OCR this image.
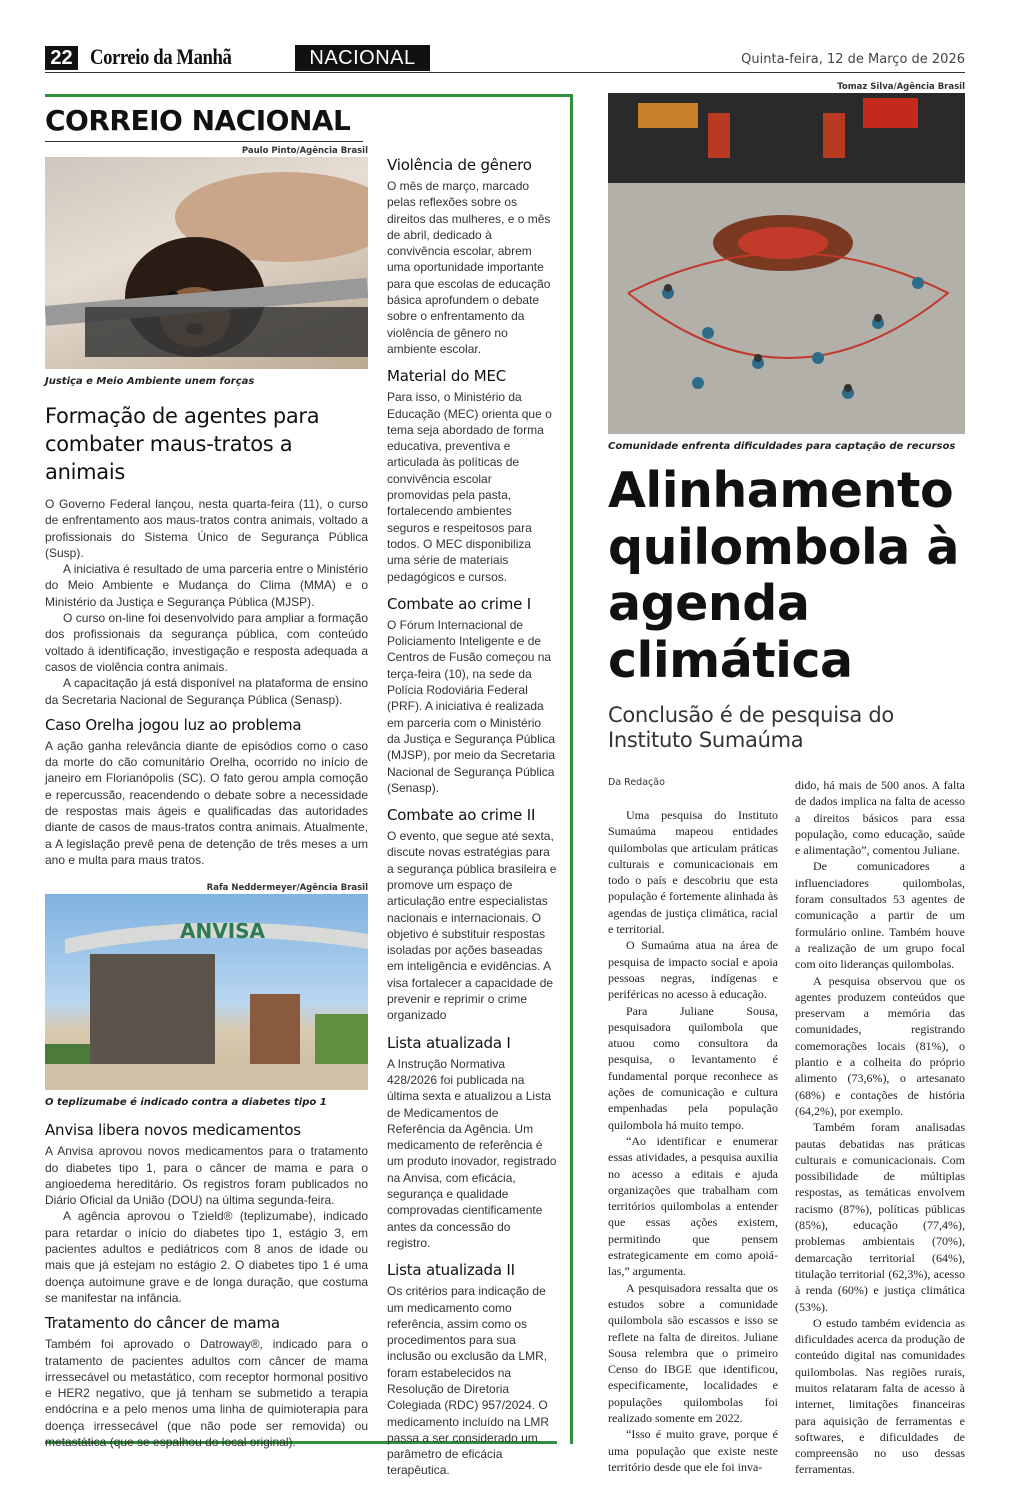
22 Correio da Manhã	NACIONAL	Quinta-feira, 12 de Março de 2026
CORREIO NACIONAL
Paulo Pinto/Agência Brasil
Justiça e Meio Ambiente unem forças
Formação de agentes para combater maus-tratos a animais

O Governo Federal lançou, nesta quarta-feira (11), o curso de enfrentamento aos maus-tratos contra animais, voltado a profissionais do Sistema Único de Segurança Pública (Susp).

A iniciativa é resultado de uma parceria entre o Ministério do Meio Ambiente e Mudança do Clima (MMA) e o Ministério da Justiça e Segurança Pública (MJSP).

O curso on-line foi desenvolvido para ampliar a formação dos profissionais da segurança pública, com conteúdo voltado à identificação, investigação e resposta adequada a casos de violência contra animais.

A capacitação já está disponível na plataforma de ensino da Secretaria Nacional de Segurança Pública (Senasp).

Caso Orelha jogou luz ao problema

A ação ganha relevância diante de episódios como o caso da morte do cão comunitário Orelha, ocorrido no início de janeiro em Florianópolis (SC). O fato gerou ampla comoção e repercussão, reacendendo o debate sobre a necessidade de respostas mais ágeis e qualificadas das autoridades diante de casos de maus-tratos contra animais. Atualmente, a A legislação prevê pena de detenção de três meses a um ano e multa para maus tratos.

Rafa Neddermeyer/Agência Brasil
ANVISA
O teplizumabe é indicado contra a diabetes tipo 1
Anvisa libera novos medicamentos

A Anvisa aprovou novos medicamentos para o tratamento do diabetes tipo 1, para o câncer de mama e para o angioedema hereditário. Os registros foram publicados no Diário Oficial da União (DOU) na última segunda-feira.

A agência aprovou o Tzield® (teplizumabe), indicado para retardar o início do diabetes tipo 1, estágio 3, em pacientes adultos e pediátricos com 8 anos de idade ou mais que já estejam no estágio 2. O diabetes tipo 1 é uma doença autoimune grave e de longa duração, que costuma se manifestar na infância.

Tratamento do câncer de mama

Também foi aprovado o Datroway®, indicado para o tratamento de pacientes adultos com câncer de mama irressecável ou metastático, com receptor hormonal positivo e HER2 negativo, que já tenham se submetido a terapia endócrina e a pelo menos uma linha de quimioterapia para doença irressecável (que não pode ser removida) ou metastática (que se espalhou do local original).

Violência de gênero

O mês de março, marcado pelas reflexões sobre os direitos das mulheres, e o mês de abril, dedicado à convivência escolar, abrem uma oportunidade importante para que escolas de educação básica aprofundem o debate sobre o enfrentamento da violência de gênero no ambiente escolar.

Material do MEC

Para isso, o Ministério da Educação (MEC) orienta que o tema seja abordado de forma educativa, preventiva e articulada às políticas de convivência escolar promovidas pela pasta, fortalecendo ambientes seguros e respeitosos para todos. O MEC disponibiliza uma série de materiais pedagógicos e cursos.

Combate ao crime I

O Fórum Internacional de Policiamento Inteligente e de Centros de Fusão começou na terça-feira (10), na sede da Polícia Rodoviária Federal (PRF). A iniciativa é realizada em parceria com o Ministério da Justiça e Segurança Pública (MJSP), por meio da Secretaria Nacional de Segurança Pública (Senasp).

Combate ao crime II

O evento, que segue até sexta, discute novas estratégias para a segurança pública brasileira e promove um espaço de articulação entre especialistas nacionais e internacionais. O objetivo é substituir respostas isoladas por ações baseadas em inteligência e evidências. A visa fortalecer a capacidade de prevenir e reprimir o crime organizado

Lista atualizada I

A Instrução Normativa 428/2026 foi publicada na última sexta e atualizou a Lista de Medicamentos de Referência da Agência. Um medicamento de referência é um produto inovador, registrado na Anvisa, com eficácia, segurança e qualidade comprovadas cientificamente antes da concessão do registro.

Lista atualizada II

Os critérios para indicação de um medicamento como referência, assim como os procedimentos para sua inclusão ou exclusão da LMR, foram estabelecidos na Resolução de Diretoria Colegiada (RDC) 957/2024. O medicamento incluído na LMR passa a ser considerado um parâmetro de eficácia terapêutica.

Tomaz Silva/Agência Brasil
Comunidade enfrenta dificuldades para captação de recursos
Alinhamento quilombola à agenda climática
Conclusão é de pesquisa do Instituto Sumaúma
Da Redação

Uma pesquisa do Instituto Sumaúma mapeou entidades quilombolas que articulam práticas culturais e comunicacionais em todo o país e descobriu que esta população é fortemente alinhada às agendas de justiça climática, racial e territorial.

O Sumaúma atua na área de pesquisa de impacto social e apoia pessoas negras, indígenas e periféricas no acesso à educação.

Para Juliane Sousa, pesquisadora quilombola que atuou como consultora da pesquisa, o levantamento é fundamental porque reconhece as ações de comunicação e cultura empenhadas pela população quilombola há muito tempo.

“Ao identificar e enumerar essas atividades, a pesquisa auxilia no acesso a editais e ajuda organizações que trabalham com territórios quilombolas a entender que essas ações existem, permitindo que pensem estrategicamente em como apoiá-las,” argumenta.

A pesquisadora ressalta que os estudos sobre a comunidade quilombola são escassos e isso se reflete na falta de direitos. Juliane Sousa relembra que o primeiro Censo do IBGE que identificou, especificamente, localidades e populações quilombolas foi realizado somente em 2022.

“Isso é muito grave, porque é uma população que existe neste território desde que ele foi inva-

dido, há mais de 500 anos. A falta de dados implica na falta de acesso a direitos básicos para essa população, como educação, saúde e alimentação”, comentou Juliane.

De comunicadores a influenciadores quilombolas, foram consultados 53 agentes de comunicação a partir de um formulário online. Também houve a realização de um grupo focal com oito lideranças quilombolas.

A pesquisa observou que os agentes produzem conteúdos que preservam a memória das comunidades, registrando comemorações locais (81%), o plantio e a colheita do próprio alimento (73,6%), o artesanato (68%) e contações de história (64,2%), por exemplo.

Também foram analisadas pautas debatidas nas práticas culturais e comunicacionais. Com possibilidade de múltiplas respostas, as temáticas envolvem racismo (87%), políticas públicas (85%), educação (77,4%), problemas ambientais (70%), demarcação territorial (64%), titulação territorial (62,3%), acesso à renda (60%) e justiça climática (53%).

O estudo também evidencia as dificuldades acerca da produção de conteúdo digital nas comunidades quilombolas. Nas regiões rurais, muitos relataram falta de acesso à internet, limitações financeiras para aquisição de ferramentas e softwares, e dificuldades de compreensão no uso dessas ferramentas.
